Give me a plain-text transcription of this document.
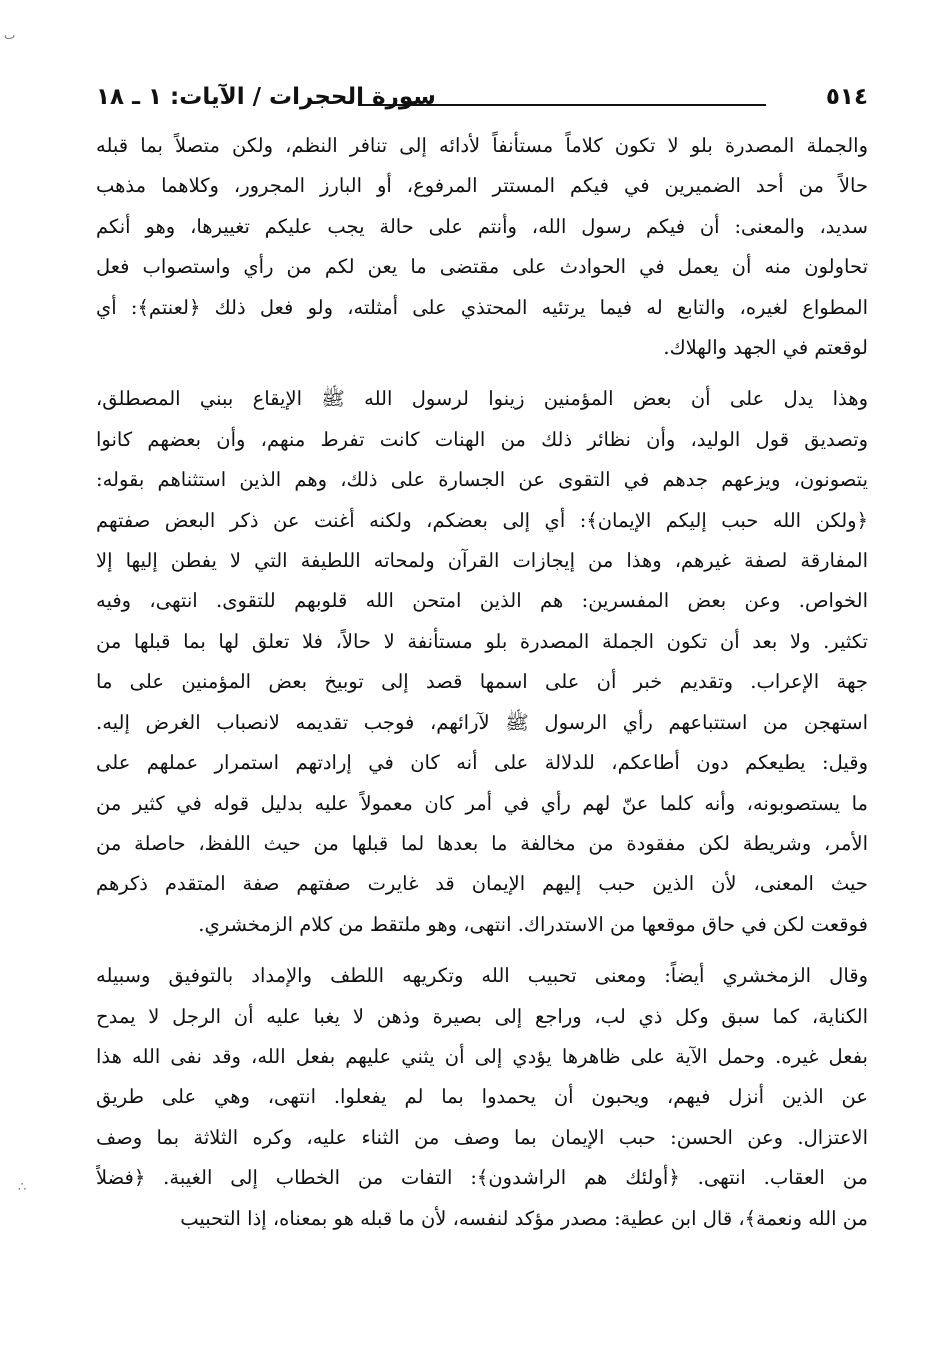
ٮ
∴
٥١٤
سورة الحجرات / الآيات: ١ ـ ١٨
والجملة المصدرة بلو لا تكون كلاماً مستأنفاً لأدائه إلى تنافر النظم، ولكن متصلاً بما قبله
حالاً من أحد الضميرين في فيكم المستتر المرفوع، أو البارز المجرور، وكلاهما مذهب
سديد، والمعنى: أن فيكم رسول الله، وأنتم على حالة يجب عليكم تغييرها، وهو أنكم
تحاولون منه أن يعمل في الحوادث على مقتضى ما يعن لكم من رأي واستصواب فعل
المطواع لغيره، والتابع له فيما يرتئيه المحتذي على أمثلته، ولو فعل ذلك ﴿لعنتم﴾: أي
لوقعتم في الجهد والهلاك.
وهذا يدل على أن بعض المؤمنين زينوا لرسول الله ﷺ الإيقاع ببني المصطلق،
وتصديق قول الوليد، وأن نظائر ذلك من الهنات كانت تفرط منهم، وأن بعضهم كانوا
يتصونون، ويزعهم جدهم في التقوى عن الجسارة على ذلك، وهم الذين استثناهم بقوله:
﴿ولكن الله حبب إليكم الإيمان﴾: أي إلى بعضكم، ولكنه أغنت عن ذكر البعض صفتهم
المفارقة لصفة غيرهم، وهذا من إيجازات القرآن ولمحاته اللطيفة التي لا يفطن إليها إلا
الخواص. وعن بعض المفسرين: هم الذين امتحن الله قلوبهم للتقوى. انتهى، وفيه
تكثير. ولا بعد أن تكون الجملة المصدرة بلو مستأنفة لا حالاً، فلا تعلق لها بما قبلها من
جهة الإعراب. وتقديم خبر أن على اسمها قصد إلى توبيخ بعض المؤمنين على ما
استهجن من استتباعهم رأي الرسول ﷺ لآرائهم، فوجب تقديمه لانصباب الغرض إليه.
وقيل: يطيعكم دون أطاعكم، للدلالة على أنه كان في إرادتهم استمرار عملهم على
ما يستصوبونه، وأنه كلما عنّ لهم رأي في أمر كان معمولاً عليه بدليل قوله في كثير من
الأمر، وشريطة لكن مفقودة من مخالفة ما بعدها لما قبلها من حيث اللفظ، حاصلة من
حيث المعنى، لأن الذين حبب إليهم الإيمان قد غايرت صفتهم صفة المتقدم ذكرهم
فوقعت لكن في حاق موقعها من الاستدراك. انتهى، وهو ملتقط من كلام الزمخشري.
وقال الزمخشري أيضاً: ومعنى تحبيب الله وتكريهه اللطف والإمداد بالتوفيق وسبيله
الكناية، كما سبق وكل ذي لب، وراجع إلى بصيرة وذهن لا يغبا عليه أن الرجل لا يمدح
بفعل غيره. وحمل الآية على ظاهرها يؤدي إلى أن يثني عليهم بفعل الله، وقد نفى الله هذا
عن الذين أنزل فيهم، ويحبون أن يحمدوا بما لم يفعلوا. انتهى، وهي على طريق
الاعتزال. وعن الحسن: حبب الإيمان بما وصف من الثناء عليه، وكره الثلاثة بما وصف
من العقاب. انتهى. ﴿أولئك هم الراشدون﴾: التفات من الخطاب إلى الغيبة. ﴿فضلاً
من الله ونعمة﴾، قال ابن عطية: مصدر مؤكد لنفسه، لأن ما قبله هو بمعناه، إذا التحبيب
